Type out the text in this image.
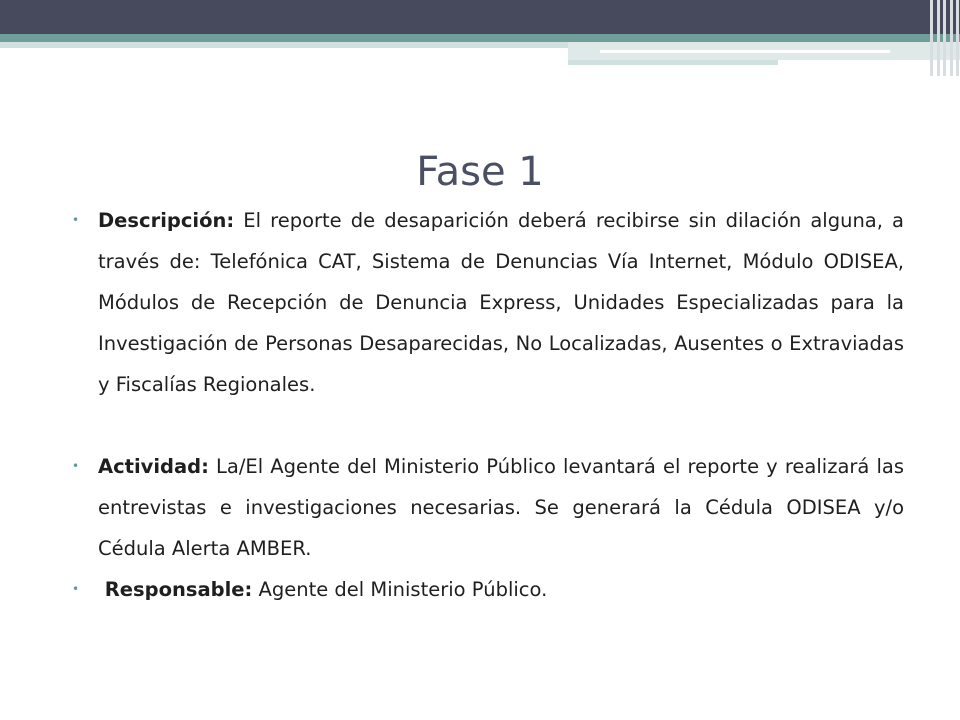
Fase 1
• Descripción: El reporte de desaparición deberá recibirse sin dilación alguna, a través de: Telefónica CAT, Sistema de Denuncias Vía Internet, Módulo ODISEA, Módulos de Recepción de Denuncia Express, Unidades Especializadas para la Investigación de Personas Desaparecidas, No Localizadas, Ausentes o Extraviadas y Fiscalías Regionales.
• Actividad: La/El Agente del Ministerio Público levantará el reporte y realizará las entrevistas e investigaciones necesarias. Se generará la Cédula ODISEA y/o Cédula Alerta AMBER.
• Responsable: Agente del Ministerio Público.
